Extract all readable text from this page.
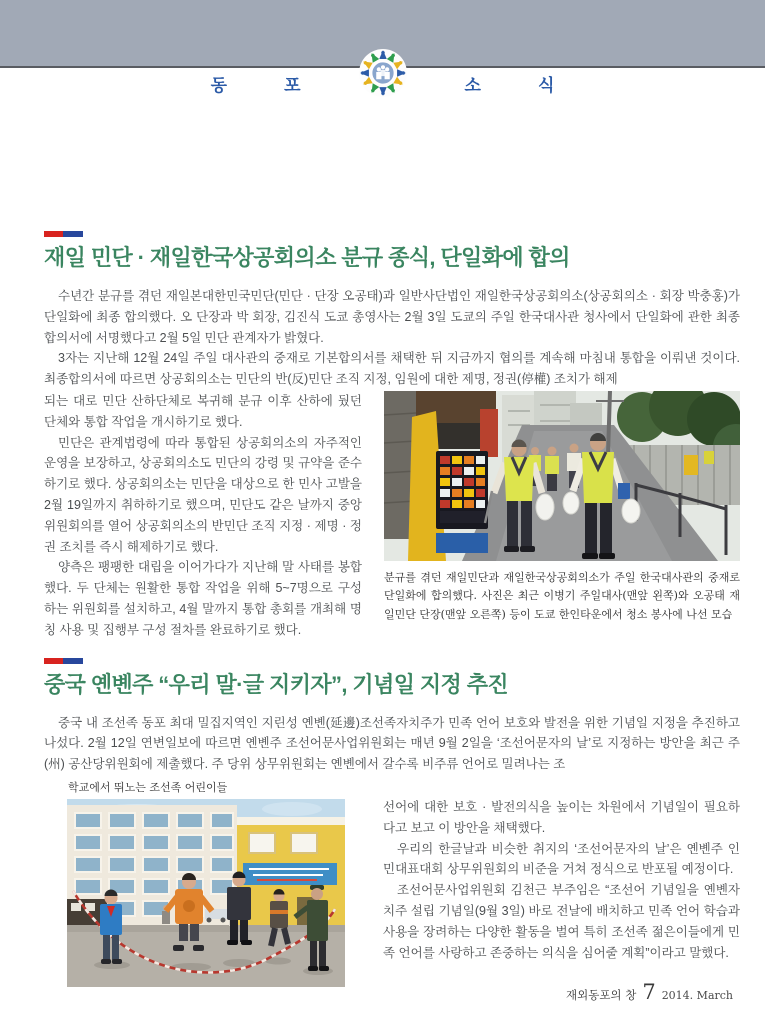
동	포	소	식
재일 민단 · 재일한국상공회의소 분규 종식, 단일화에 합의

수년간 분규를 겪던 재일본대한민국민단(민단 · 단장 오공태)과 일반사단법인 재일한국상공회의소(상공회의소 · 회장 박충홍)가 단일화에 최종 합의했다. 오 단장과 박 회장, 김진식 도쿄 총영사는 2월 3일 도쿄의 주일 한국대사관 청사에서 단일화에 관한 최종합의서에 서명했다고 2월 5일 민단 관계자가 밝혔다.

3자는 지난해 12월 24일 주일 대사관의 중재로 기본합의서를 채택한 뒤 지금까지 협의를 계속해 마침내 통합을 이뤄낸 것이다. 최종합의서에 따르면 상공회의소는 민단의 반(反)민단 조직 지정, 임원에 대한 제명, 정권(停權) 조치가 해제

되는 대로 민단 산하단체로 복귀해 분규 이후 산하에 뒀던 단체와 통합 작업을 개시하기로 했다.

민단은 관계법령에 따라 통합된 상공회의소의 자주적인 운영을 보장하고, 상공회의소도 민단의 강령 및 규약을 준수하기로 했다. 상공회의소는 민단을 대상으로 한 민사 고발을 2월 19일까지 취하하기로 했으며, 민단도 같은 날까지 중앙위원회의를 열어 상공회의소의 반민단 조직 지정 · 제명 · 정권 조치를 즉시 해제하기로 했다.

양측은 팽팽한 대립을 이어가다가 지난해 말 사태를 봉합했다. 두 단체는 원활한 통합 작업을 위해 5~7명으로 구성하는 위원회를 설치하고, 4월 말까지 통합 총회를 개최해 명칭 사용 및 집행부 구성 절차를 완료하기로 했다.

분규를 겪던 재일민단과 재일한국상공회의소가 주일 한국대사관의 중재로 단일화에 합의했다. 사진은 최근 이병기 주일대사(맨앞 왼쪽)와 오공태 재일민단 단장(맨앞 오른쪽) 등이 도쿄 한인타운에서 청소 봉사에 나선 모습
중국 옌볜주 “우리 말·글 지키자”, 기념일 지정 추진

중국 내 조선족 동포 최대 밀집지역인 지린성 옌볜(延邊)조선족자치주가 민족 언어 보호와 발전을 위한 기념일 지정을 추진하고 나섰다. 2월 12일 연변일보에 따르면 옌볜주 조선어문사업위원회는 매년 9월 2일을 ‘조선어문자의 날’로 지정하는 방안을 최근 주(州) 공산당위원회에 제출했다. 주 당위 상무위원회는 옌볜에서 갈수록 비주류 언어로 밀려나는 조

학교에서 뛰노는 조선족 어린이들

선어에 대한 보호 · 발전의식을 높이는 차원에서 기념일이 필요하다고 보고 이 방안을 채택했다.

우리의 한글날과 비슷한 취지의 ‘조선어문자의 날’은 옌볜주 인민대표대회 상무위원회의 비준을 거쳐 정식으로 반포될 예정이다.

조선어문사업위원회 김천근 부주임은 “조선어 기념일을 옌볜자치주 설립 기념일(9월 3일) 바로 전날에 배치하고 민족 언어 학습과 사용을 장려하는 다양한 활동을 벌여 특히 조선족 젊은이들에게 민족 언어를 사랑하고 존중하는 의식을 심어줄 계획”이라고 말했다.

재외동포의 창 7 2014. March
